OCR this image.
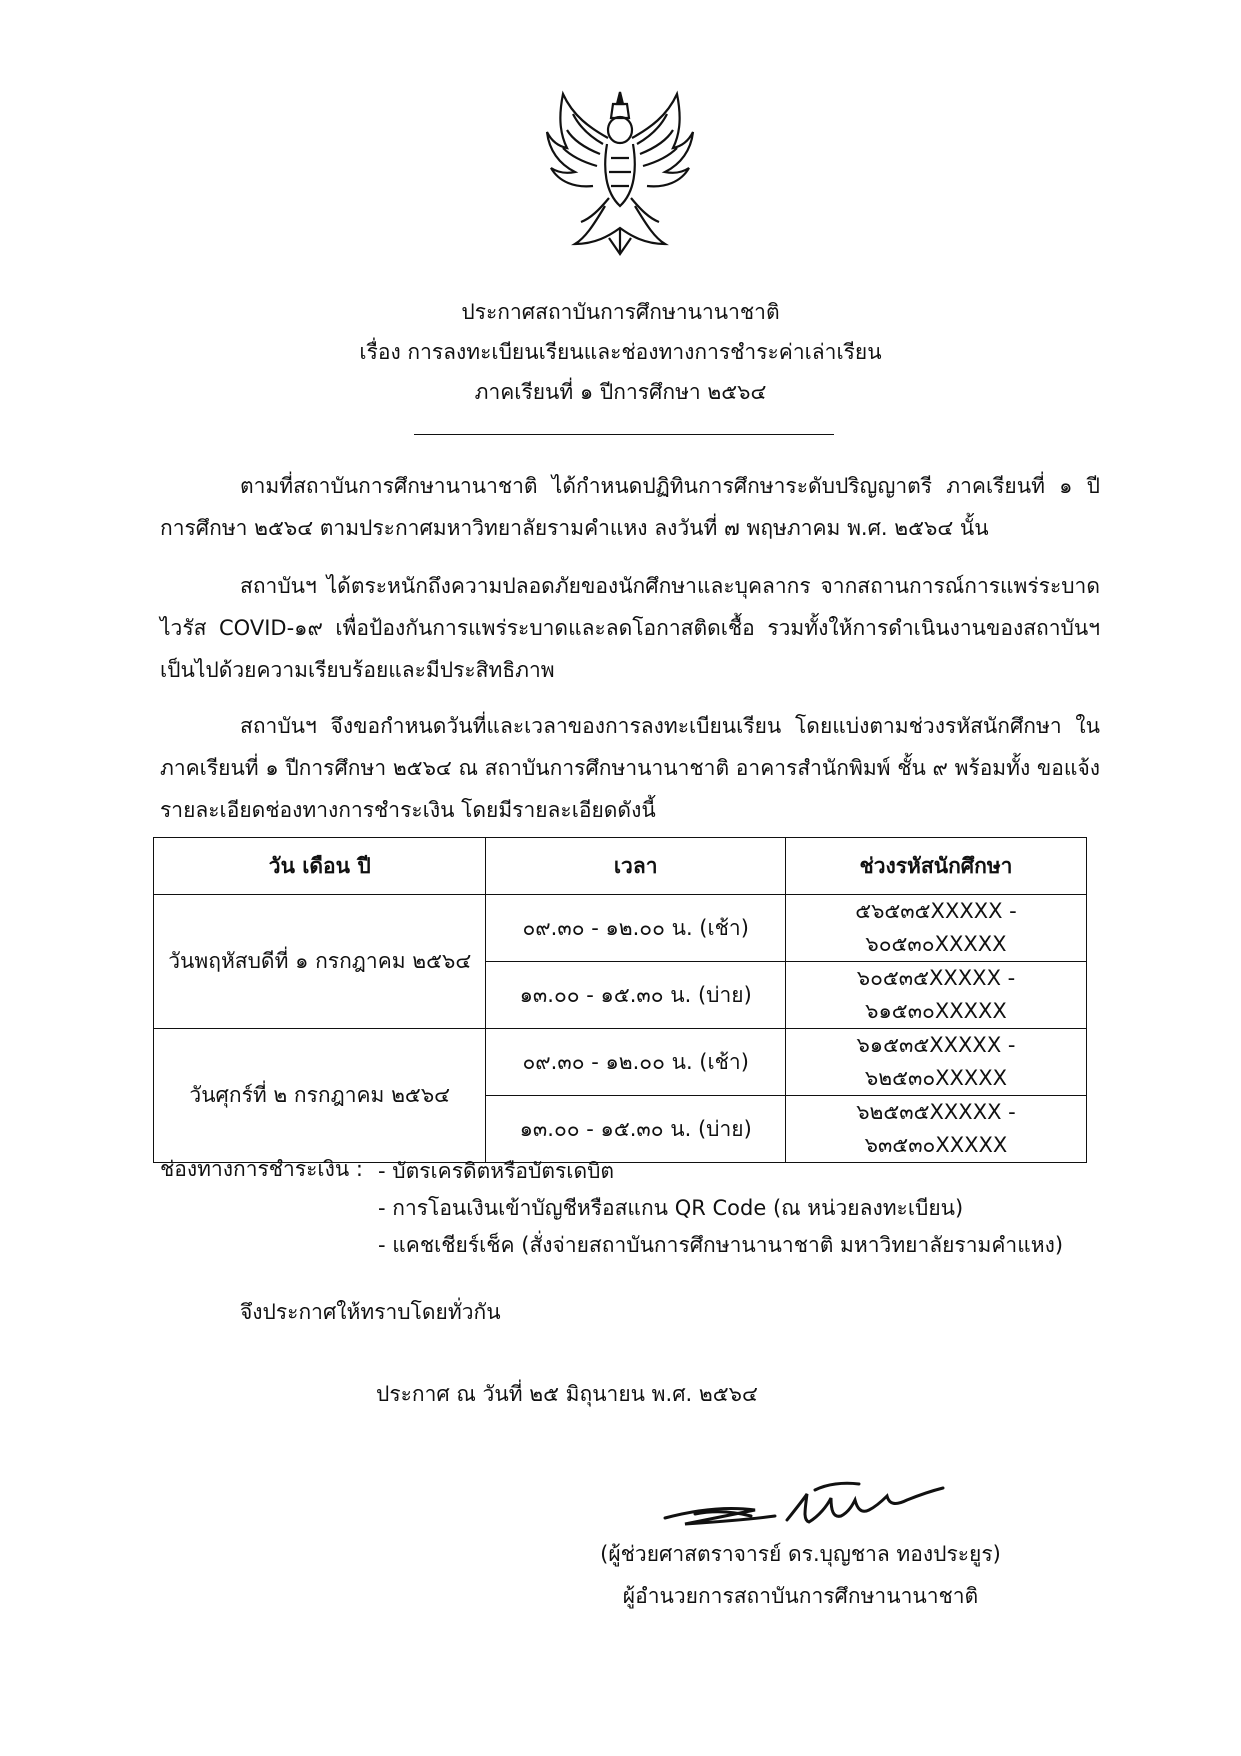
ประกาศสถาบันการศึกษานานาชาติ
เรื่อง การลงทะเบียนเรียนและช่องทางการชำระค่าเล่าเรียน
ภาคเรียนที่ ๑ ปีการศึกษา ๒๕๖๔

ตามที่สถาบันการศึกษานานาชาติ ได้กำหนดปฏิทินการศึกษาระดับปริญญาตรี ภาคเรียนที่ ๑ ปีการศึกษา ๒๕๖๔ ตามประกาศมหาวิทยาลัยรามคำแหง ลงวันที่ ๗ พฤษภาคม พ.ศ. ๒๕๖๔ นั้น

สถาบันฯ ได้ตระหนักถึงความปลอดภัยของนักศึกษาและบุคลากร จากสถานการณ์การแพร่ระบาด ไวรัส COVID-๑๙ เพื่อป้องกันการแพร่ระบาดและลดโอกาสติดเชื้อ รวมทั้งให้การดำเนินงานของสถาบันฯ เป็นไปด้วยความเรียบร้อยและมีประสิทธิภาพ

สถาบันฯ จึงขอกำหนดวันที่และเวลาของการลงทะเบียนเรียน โดยแบ่งตามช่วงรหัสนักศึกษา ในภาคเรียนที่ ๑ ปีการศึกษา ๒๕๖๔ ณ สถาบันการศึกษานานาชาติ อาคารสำนักพิมพ์ ชั้น ๙ พร้อมทั้ง ขอแจ้งรายละเอียดช่องทางการชำระเงิน โดยมีรายละเอียดดังนี้

วัน เดือน ปี	เวลา	ช่วงรหัสนักศึกษา
วันพฤหัสบดีที่ ๑ กรกฎาคม ๒๕๖๔	๐๙.๓๐ - ๑๒.๐๐ น. (เช้า)	๕๖๕๓๕XXXXX - ๖๐๕๓๐XXXXX
	๑๓.๐๐ - ๑๕.๓๐ น. (บ่าย)	๖๐๕๓๕XXXXX - ๖๑๕๓๐XXXXX
วันศุกร์ที่ ๒ กรกฎาคม ๒๕๖๔	๐๙.๓๐ - ๑๒.๐๐ น. (เช้า)	๖๑๕๓๕XXXXX - ๖๒๕๓๐XXXXX
	๑๓.๐๐ - ๑๕.๓๐ น. (บ่าย)	๖๒๕๓๕XXXXX - ๖๓๕๓๐XXXXX
ช่องทางการชำระเงิน : - บัตรเครดิตหรือบัตรเดบิต
- การโอนเงินเข้าบัญชีหรือสแกน QR Code (ณ หน่วยลงทะเบียน)
- แคชเชียร์เช็ค (สั่งจ่ายสถาบันการศึกษานานาชาติ มหาวิทยาลัยรามคำแหง)
จึงประกาศให้ทราบโดยทั่วกัน
ประกาศ ณ วันที่ ๒๕ มิถุนายน พ.ศ. ๒๕๖๔
(ผู้ช่วยศาสตราจารย์ ดร.บุญชาล ทองประยูร)
ผู้อำนวยการสถาบันการศึกษานานาชาติ
